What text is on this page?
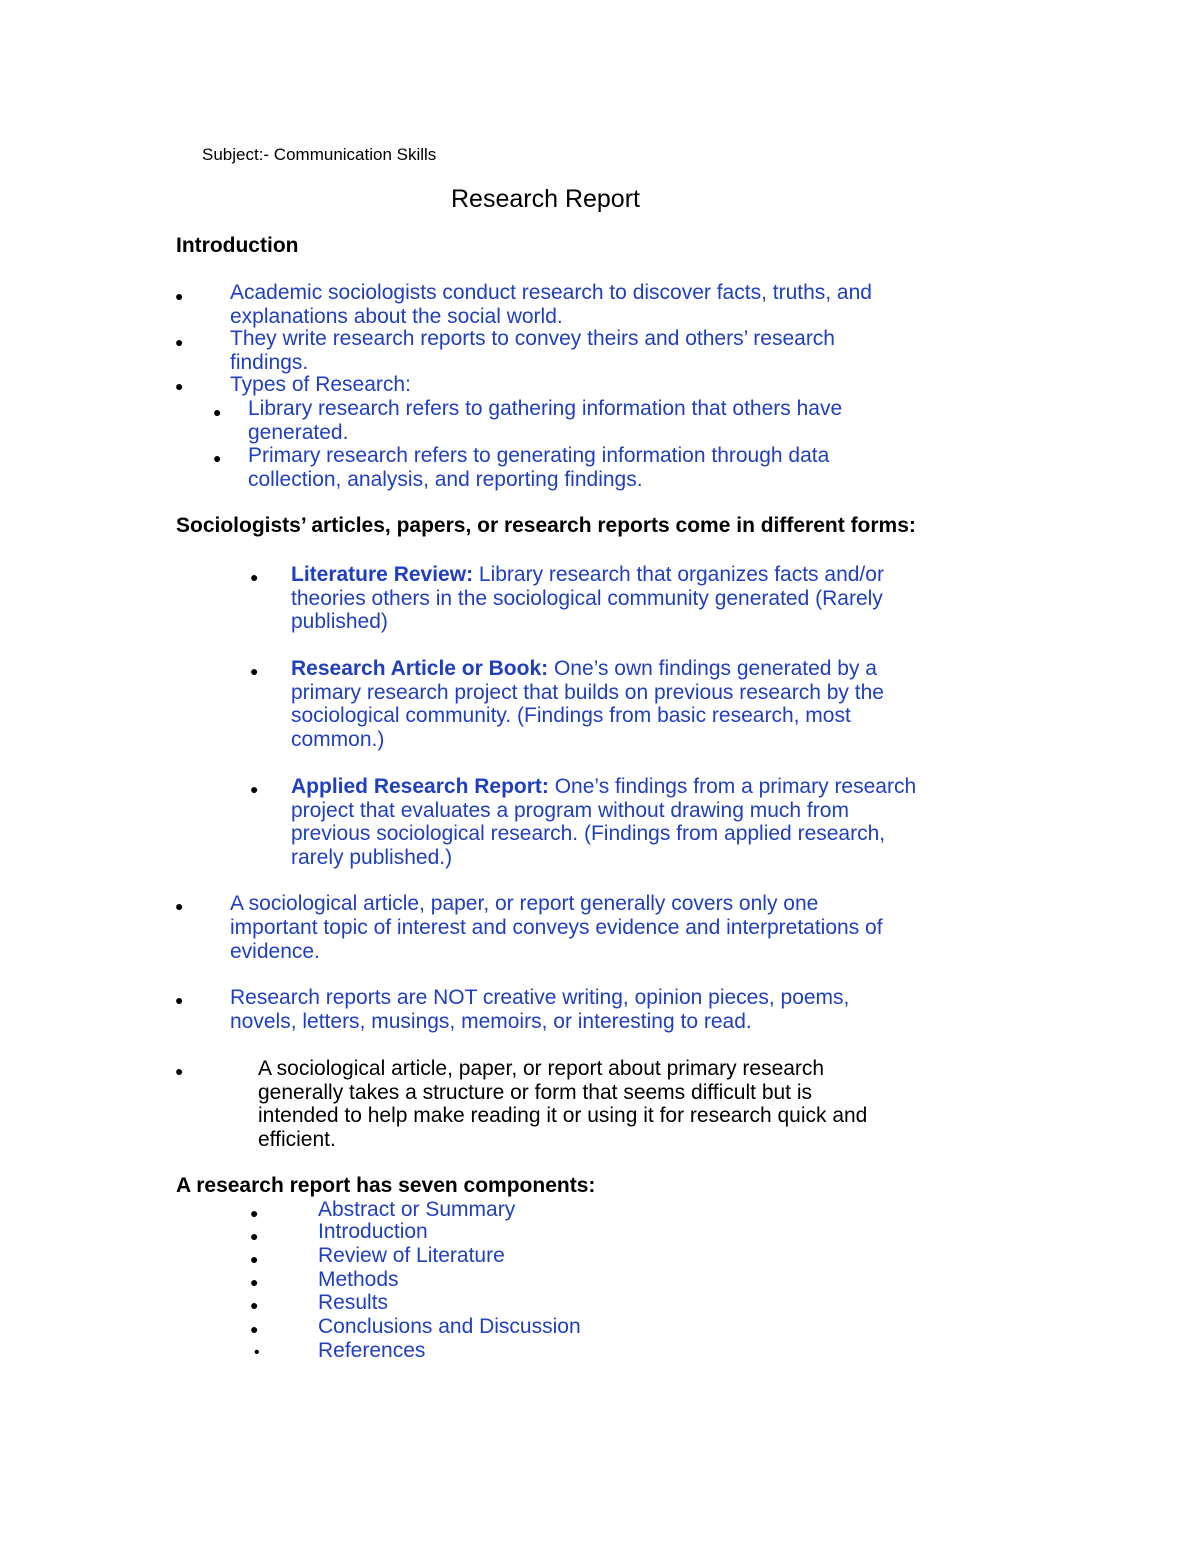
Subject:- Communication Skills
Research Report
Introduction
● Academic sociologists conduct research to discover facts, truths, and
explanations about the social world.
● They write research reports to convey theirs and others’ research
findings.
● Types of Research:
● Library research refers to gathering information that others have
generated.
● Primary research refers to generating information through data
collection, analysis, and reporting findings.
Sociologists’ articles, papers, or research reports come in different forms:
● Literature Review: Library research that organizes facts and/or
theories others in the sociological community generated (Rarely
published)
● Research Article or Book: One’s own findings generated by a
primary research project that builds on previous research by the
sociological community. (Findings from basic research, most
common.)
● Applied Research Report: One’s findings from a primary research
project that evaluates a program without drawing much from
previous sociological research. (Findings from applied research,
rarely published.)
● A sociological article, paper, or report generally covers only one
important topic of interest and conveys evidence and interpretations of
evidence.
● Research reports are NOT creative writing, opinion pieces, poems,
novels, letters, musings, memoirs, or interesting to read.
●	A sociological article, paper, or report about primary research
generally takes a structure or form that seems difficult but is
intended to help make reading it or using it for research quick and
efficient.
A research report has seven components:
●	Abstract or Summary
●	Introduction
●	Review of Literature
●	Methods
●	Results
●	Conclusions and Discussion
•	References
